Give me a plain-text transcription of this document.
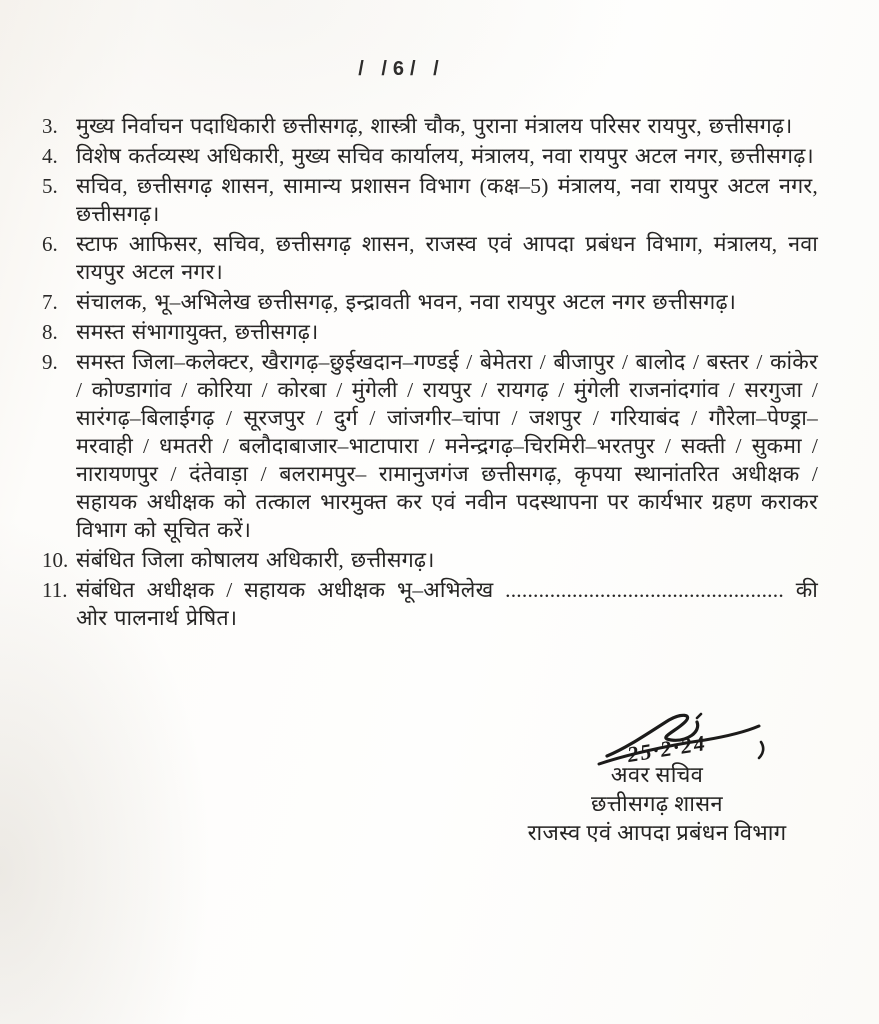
/ /6/ /
3. मुख्य निर्वाचन पदाधिकारी छत्तीसगढ़, शास्त्री चौक, पुराना मंत्रालय परिसर रायपुर, छत्तीसगढ़।
4. विशेष कर्तव्यस्थ अधिकारी, मुख्य सचिव कार्यालय, मंत्रालय, नवा रायपुर अटल नगर, छत्तीसगढ़।
5. सचिव, छत्तीसगढ़ शासन, सामान्य प्रशासन विभाग (कक्ष–5) मंत्रालय, नवा रायपुर अटल नगर, छत्तीसगढ़।
6. स्टाफ आफिसर, सचिव, छत्तीसगढ़ शासन, राजस्व एवं आपदा प्रबंधन विभाग, मंत्रालय, नवा रायपुर अटल नगर।
7. संचालक, भू–अभिलेख छत्तीसगढ़, इन्द्रावती भवन, नवा रायपुर अटल नगर छत्तीसगढ़।
8. समस्त संभागायुक्त, छत्तीसगढ़।
9. समस्त जिला–कलेक्टर, खैरागढ़–छुईखदान–गण्डई / बेमेतरा / बीजापुर / बालोद / बस्तर / कांकेर / कोण्डागांव / कोरिया / कोरबा / मुंगेली / रायपुर / रायगढ़ / मुंगेली राजनांदगांव / सरगुजा / सारंगढ़–बिलाईगढ़ / सूरजपुर / दुर्ग / जांजगीर–चांपा / जशपुर / गरियाबंद / गौरेला–पेण्ड्रा–मरवाही / धमतरी / बलौदाबाजार–भाटापारा / मनेन्द्रगढ़–चिरमिरी–भरतपुर / सक्ती / सुकमा / नारायणपुर / दंतेवाड़ा / बलरामपुर– रामानुजगंज छत्तीसगढ़, कृपया स्थानांतरित अधीक्षक / सहायक अधीक्षक को तत्काल भारमुक्त कर एवं नवीन पदस्थापना पर कार्यभार ग्रहण कराकर विभाग को सूचित करें।
10. संबंधित जिला कोषालय अधिकारी, छत्तीसगढ़।
11. संबंधित अधीक्षक / सहायक अधीक्षक भू–अभिलेख .................................................. की ओर पालनार्थ प्रेषित।
25·2·24
अवर सचिव
छत्तीसगढ़ शासन
राजस्व एवं आपदा प्रबंधन विभाग
